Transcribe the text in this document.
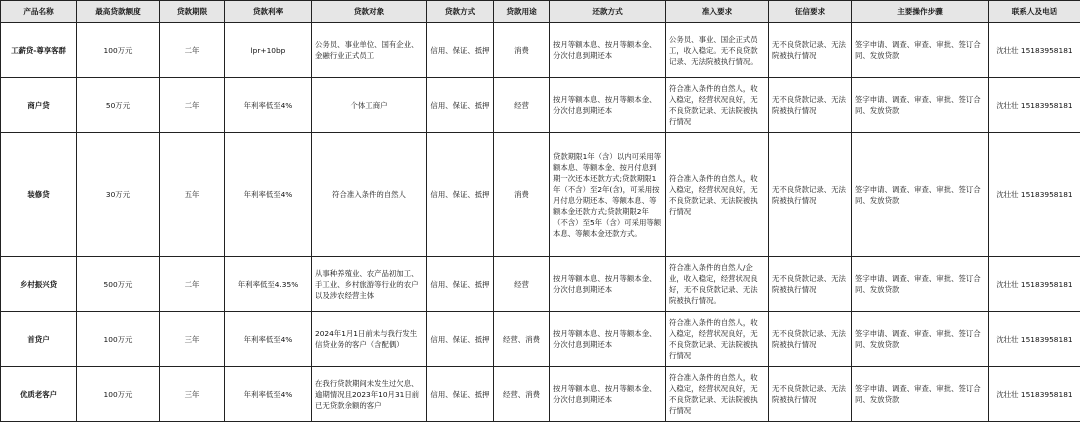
产品名称	最高贷款额度	贷款期限	贷款利率	贷款对象	贷款方式	贷款用途	还款方式	准入要求	征信要求	主要操作步骤	联系人及电话
工薪贷-尊享客群	100万元	二年	lpr+10bp	公务员、事业单位、国有企业、金融行业正式员工	信用、保证、抵押	消费	按月等额本息、按月等额本金、分次付息到期还本	公务员、事业、国企正式员工，收入稳定。无不良贷款记录、无法院被执行情况。	无不良贷款记录、无法院被执行情况	签字申请、调查、审查、审批、签订合同、发放贷款	沈壮壮 15183958181
商户贷	50万元	二年	年利率低至4%	个体工商户	信用、保证、抵押	经营	按月等额本息、按月等额本金、分次付息到期还本	符合准入条件的自然人，收入稳定，经营状况良好，无不良贷款记录、无法院被执行情况	无不良贷款记录、无法院被执行情况	签字申请、调查、审查、审批、签订合同、发放贷款	沈壮壮 15183958181
装修贷	30万元	五年	年利率低至4%	符合准入条件的自然人	信用、保证、抵押	消费	贷款期限1年（含）以内可采用等额本息、等额本金、按月付息到期一次还本还款方式;贷款期限1年（不含）至2年(含)，可采用按月付息分期还本、等额本息、等额本金还款方式;贷款期限2年（不含）至5年（含）可采用等额本息、等额本金还款方式。	符合准入条件的自然人，收入稳定，经营状况良好，无不良贷款记录、无法院被执行情况	无不良贷款记录、无法院被执行情况	签字申请、调查、审查、审批、签订合同、发放贷款	沈壮壮 15183958181
乡村振兴贷	500万元	二年	年利率低至4.35%	从事种养殖业、农产品初加工、手工业、乡村旅游等行业的农户以及涉农经营主体	信用、保证、抵押	经营	按月等额本息、按月等额本金、分次付息到期还本	符合准入条件的自然人/企业，收入稳定，经营状况良好，无不良贷款记录、无法院被执行情况。	无不良贷款记录、无法院被执行情况	签字申请、调查、审查、审批、签订合同、发放贷款	沈壮壮 15183958181
首贷户	100万元	三年	年利率低至4%	2024年1月1日前未与我行发生信贷业务的客户（含配偶）	信用、保证、抵押	经营、消费	按月等额本息、按月等额本金、分次付息到期还本	符合准入条件的自然人，收入稳定，经营状况良好，无不良贷款记录、无法院被执行情况	无不良贷款记录、无法院被执行情况	签字申请、调查、审查、审批、签订合同、发放贷款	沈壮壮 15183958181
优质老客户	100万元	三年	年利率低至4%	在我行贷款期间未发生过欠息、逾期情况且2023年10月31日前已无贷款余额的客户	信用、保证、抵押	经营、消费	按月等额本息、按月等额本金、分次付息到期还本	符合准入条件的自然人，收入稳定，经营状况良好，无不良贷款记录、无法院被执行情况	无不良贷款记录、无法院被执行情况	签字申请、调查、审查、审批、签订合同、发放贷款	沈壮壮 15183958181
